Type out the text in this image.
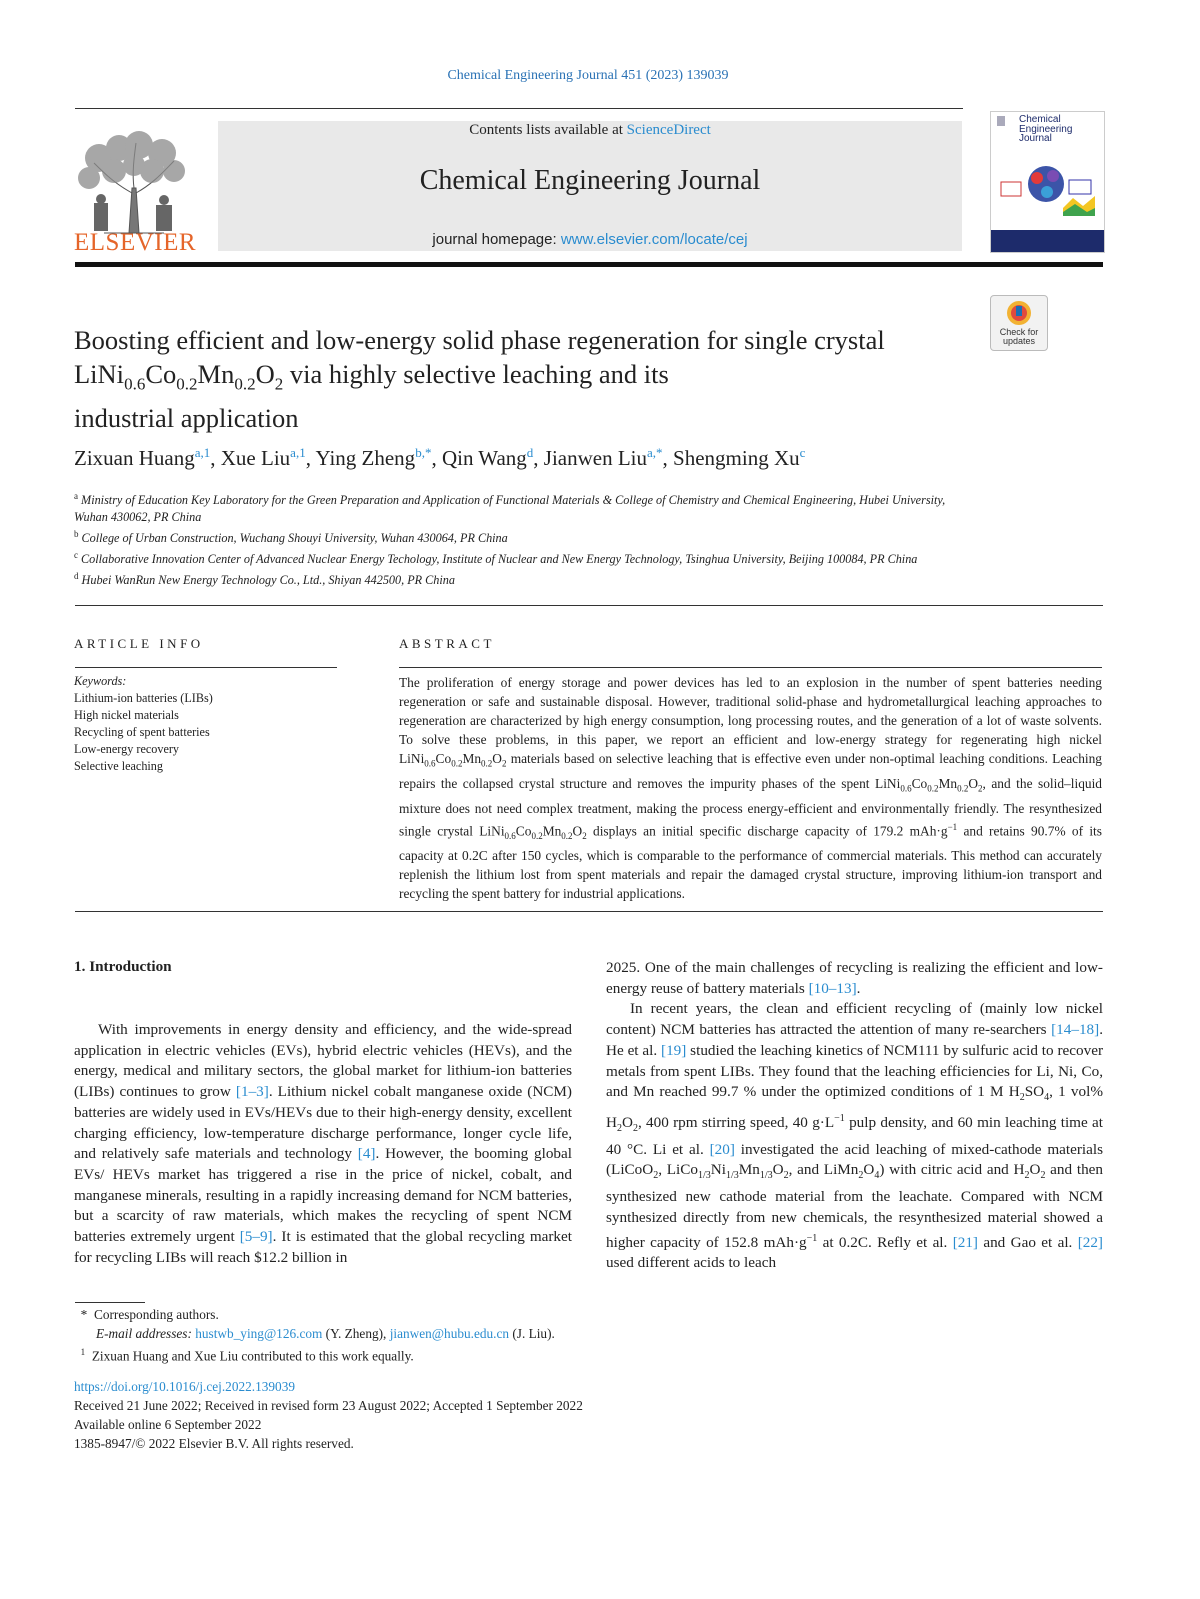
Chemical Engineering Journal 451 (2023) 139039
ELSEVIER
Contents lists available at ScienceDirect
Chemical Engineering Journal
journal homepage: www.elsevier.com/locate/cej
Chemical
Engineering
Journal
Check for
updates
Boosting efficient and low-energy solid phase regeneration for single crystal
$LiNi_{0.6}Co_{0.2}Mn_{0.2}O_2$ via highly selective leaching and its
industrial application
Zixuan Huang$^{a,1}$, Xue Liu$^{a,1}$, Ying Zheng$^{b,*}$, Qin Wang$^d$, Jianwen Liu$^{a,*}$, Shengming Xu$^c$
$^a$ Ministry of Education Key Laboratory for the Green Preparation and Application of Functional Materials & College of Chemistry and Chemical Engineering, Hubei University, Wuhan 430062, PR China
$^b$ College of Urban Construction, Wuchang Shouyi University, Wuhan 430064, PR China
$^c$ Collaborative Innovation Center of Advanced Nuclear Energy Techology, Institute of Nuclear and New Energy Technology, Tsinghua University, Beijing 100084, PR China
$^d$ Hubei WanRun New Energy Technology Co., Ltd., Shiyan 442500, PR China
ARTICLE INFO	ABSTRACT
Keywords:
Lithium-ion batteries (LIBs)
High nickel materials
Recycling of spent batteries
Low-energy recovery
Selective leaching
The proliferation of energy storage and power devices has led to an explosion in the number of spent batteries needing regeneration or safe and sustainable disposal. However, traditional solid-phase and hydrometallurgical leaching approaches to regeneration are characterized by high energy consumption, long processing routes, and the generation of a lot of waste solvents. To solve these problems, in this paper, we report an efficient and low-energy strategy for regenerating high nickel $LiNi_{0.6}Co_{0.2}Mn_{0.2}O_2$ materials based on selective leaching that is effective even under non-optimal leaching conditions. Leaching repairs the collapsed crystal structure and removes the impurity phases of the spent $LiNi_{0.6}Co_{0.2}Mn_{0.2}O_2$, and the solid–liquid mixture does not need complex treatment, making the process energy-efficient and environmentally friendly. The resynthesized single crystal $LiNi_{0.6}Co_{0.2}Mn_{0.2}O_2$ displays an initial specific discharge capacity of 179.2 $mAh\cdot g^{-1}$ and retains 90.7% of its capacity at 0.2C after 150 cycles, which is comparable to the performance of commercial materials. This method can accurately replenish the lithium lost from spent materials and repair the damaged crystal structure, improving lithium-ion transport and recycling the spent battery for industrial applications.
1. Introduction

With improvements in energy density and efficiency, and the wide-spread application in electric vehicles (EVs), hybrid electric vehicles (HEVs), and the energy, medical and military sectors, the global market for lithium-ion batteries (LIBs) continues to grow [1–3]. Lithium nickel cobalt manganese oxide (NCM) batteries are widely used in EVs/HEVs due to their high-energy density, excellent charging efficiency, low-temperature discharge performance, longer cycle life, and relatively safe materials and technology [4]. However, the booming global EVs/ HEVs market has triggered a rise in the price of nickel, cobalt, and manganese minerals, resulting in a rapidly increasing demand for NCM batteries, but a scarcity of raw materials, which makes the recycling of spent NCM batteries extremely urgent [5–9]. It is estimated that the global recycling market for recycling LIBs will reach $12.2 billion in

2025. One of the main challenges of recycling is realizing the efficient and low-energy reuse of battery materials [10–13].

In recent years, the clean and efficient recycling of (mainly low nickel content) NCM batteries has attracted the attention of many re-searchers [14–18]. He et al. [19] studied the leaching kinetics of NCM111 by sulfuric acid to recover metals from spent LIBs. They found that the leaching efficiencies for Li, Ni, Co, and Mn reached 99.7 % under the optimized conditions of 1 M $H_2SO_4$, 1 vol% $H_2O_2$, 400 rpm stirring speed, 40 $g\cdot L^{-1}$ pulp density, and 60 min leaching time at 40 °C. Li et al. [20] investigated the acid leaching of mixed-cathode materials (LiCoO$_2$, $LiCo_{1/3}Ni_{1/3}Mn_{1/3}O_2$, and $LiMn_2O_4$) with citric acid and $H_2O_2$ and then synthesized new cathode material from the leachate. Compared with NCM synthesized directly from new chemicals, the resynthesized material showed a higher capacity of 152.8 $mAh\cdot g^{-1}$ at 0.2C. Refly et al. [21] and Gao et al. [22] used different acids to leach

*  Corresponding authors.
E-mail addresses: hustwb_ying@126.com (Y. Zheng), jianwen@hubu.edu.cn (J. Liu).
$^1$ Zixuan Huang and Xue Liu contributed to this work equally.
https://doi.org/10.1016/j.cej.2022.139039
Received 21 June 2022; Received in revised form 23 August 2022; Accepted 1 September 2022
Available online 6 September 2022
1385-8947/© 2022 Elsevier B.V. All rights reserved.
